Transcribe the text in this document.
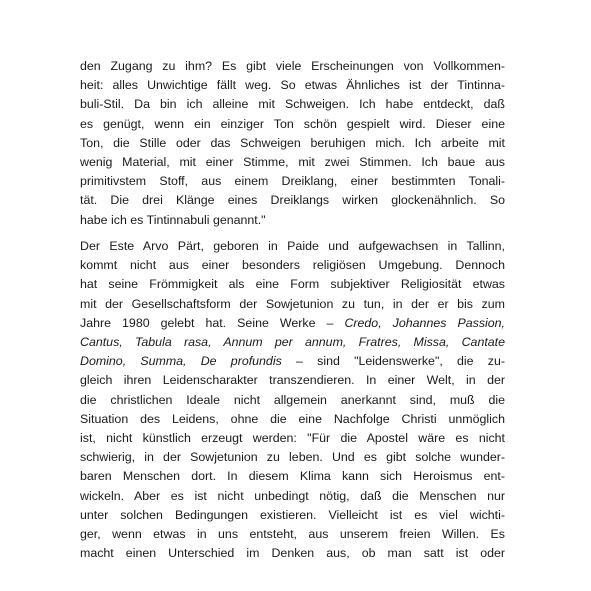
den Zugang zu ihm? Es gibt viele Erscheinungen von Vollkommen-
heit: alles Unwichtige fällt weg. So etwas Ähnliches ist der Tintinna-
buli-Stil. Da bin ich alleine mit Schweigen. Ich habe entdeckt, daß
es genügt, wenn ein einziger Ton schön gespielt wird. Dieser eine
Ton, die Stille oder das Schweigen beruhigen mich. Ich arbeite mit
wenig Material, mit einer Stimme, mit zwei Stimmen. Ich baue aus
primitivstem Stoff, aus einem Dreiklang, einer bestimmten Tonali-
tät. Die drei Klänge eines Dreiklangs wirken glockenähnlich. So
habe ich es Tintinnabuli genannt."
Der Este Arvo Pärt, geboren in Paide und aufgewachsen in Tallinn,
kommt nicht aus einer besonders religiösen Umgebung. Dennoch
hat seine Frömmigkeit als eine Form subjektiver Religiosität etwas
mit der Gesellschaftsform der Sowjetunion zu tun, in der er bis zum
Jahre 1980 gelebt hat. Seine Werke – Credo, Johannes Passion,
Cantus, Tabula rasa, Annum per annum, Fratres, Missa, Cantate
Domino, Summa, De profundis – sind "Leidenswerke", die zu-
gleich ihren Leidenscharakter transzendieren. In einer Welt, in der
die christlichen Ideale nicht allgemein anerkannt sind, muß die
Situation des Leidens, ohne die eine Nachfolge Christi unmöglich
ist, nicht künstlich erzeugt werden: "Für die Apostel wäre es nicht
schwierig, in der Sowjetunion zu leben. Und es gibt solche wunder-
baren Menschen dort. In diesem Klima kann sich Heroismus ent-
wickeln. Aber es ist nicht unbedingt nötig, daß die Menschen nur
unter solchen Bedingungen existieren. Vielleicht ist es viel wichti-
ger, wenn etwas in uns entsteht, aus unserem freien Willen. Es
macht einen Unterschied im Denken aus, ob man satt ist oder
